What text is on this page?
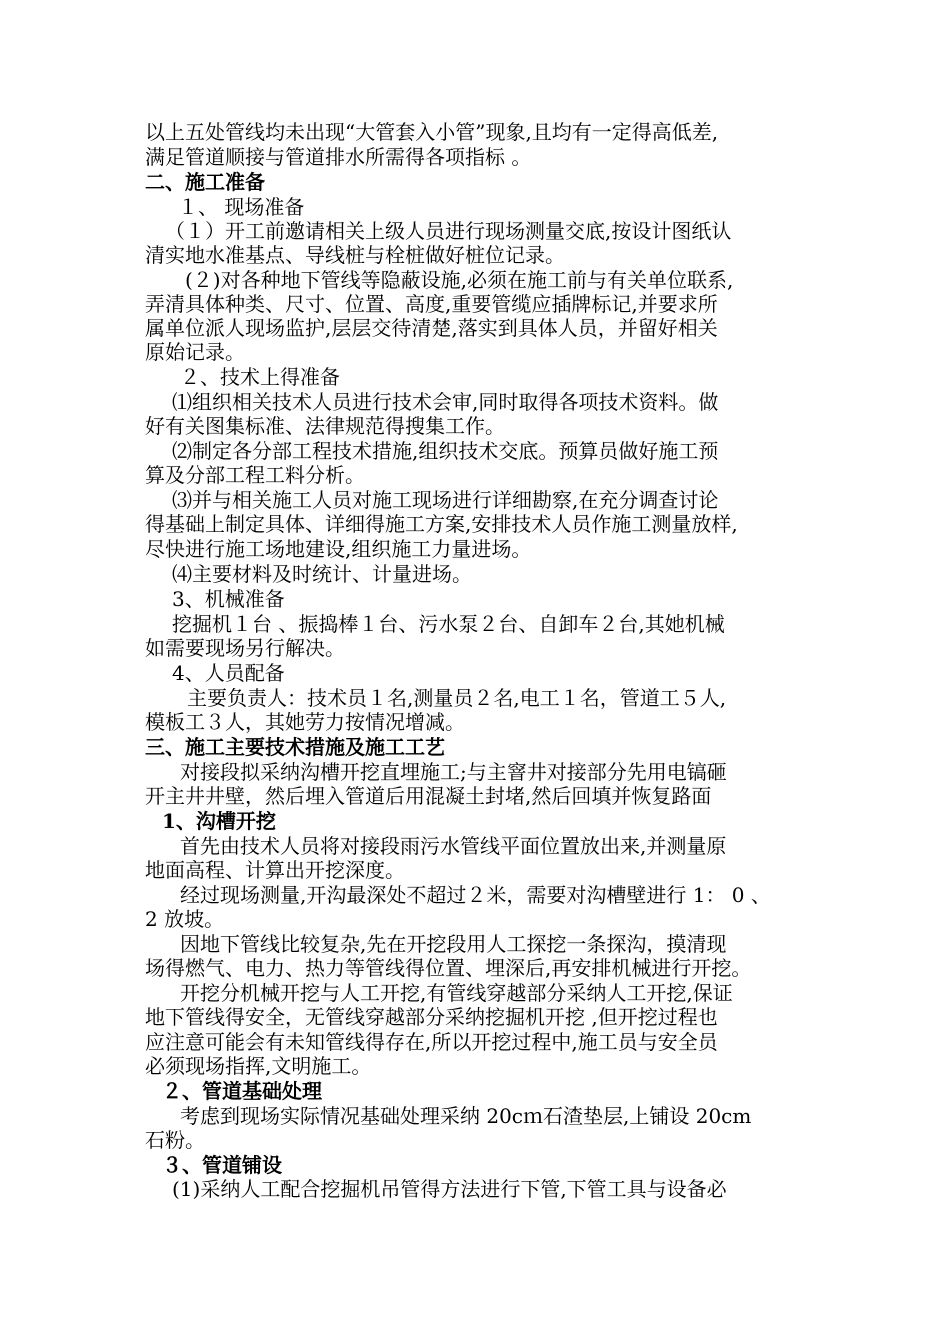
以上五处管线均未出现“大管套入小管”现象,且均有一定得高低差,
满足管道顺接与管道排水所需得各项指标 。
二、施工准备
１、 现场准备
（１）开工前邀请相关上级人员进行现场测量交底,按设计图纸认
清实地水准基点、导线桩与栓桩做好桩位记录。
(２)对各种地下管线等隐蔽设施,必须在施工前与有关单位联系,
弄清具体种类、尺寸、位置、高度,重要管缆应插牌标记,并要求所
属单位派人现场监护,层层交待清楚,落实到具体人员，并留好相关
原始记录。
２、技术上得准备
⑴组织相关技术人员进行技术会审,同时取得各项技术资料。做
好有关图集标准、法律规范得搜集工作。
⑵制定各分部工程技术措施,组织技术交底。预算员做好施工预
算及分部工程工料分析。
⑶并与相关施工人员对施工现场进行详细勘察,在充分调查讨论
得基础上制定具体、详细得施工方案,安排技术人员作施工测量放样,
尽快进行施工场地建设,组织施工力量进场。
⑷主要材料及时统计、计量进场。
3、机械准备
挖掘机１台 、振捣棒１台、污水泵２台、自卸车２台,其她机械
如需要现场另行解决。
4、人员配备
主要负责人：技术员１名,测量员２名,电工１名，管道工５人,
模板工３人，其她劳力按情况增减。
三、施工主要技术措施及施工工艺
对接段拟采纳沟槽开挖直埋施工;与主窨井对接部分先用电镐砸
开主井井壁，然后埋入管道后用混凝土封堵,然后回填并恢复路面
1、沟槽开挖
首先由技术人员将对接段雨污水管线平面位置放出来,并测量原
地面高程、计算出开挖深度。
经过现场测量,开沟最深处不超过２米，需要对沟槽壁进行 1： 0 、
2 放坡。
因地下管线比较复杂,先在开挖段用人工探挖一条探沟，摸清现
场得燃气、电力、热力等管线得位置、埋深后,再安排机械进行开挖。
开挖分机械开挖与人工开挖,有管线穿越部分采纳人工开挖,保证
地下管线得安全，无管线穿越部分采纳挖掘机开挖 ,但开挖过程也
应注意可能会有未知管线得存在,所以开挖过程中,施工员与安全员
必须现场指挥,文明施工。
２、管道基础处理
考虑到现场实际情况基础处理采纳 20cｍ石渣垫层,上铺设 20cm
石粉。
３、管道铺设
(1)采纳人工配合挖掘机吊管得方法进行下管,下管工具与设备必
